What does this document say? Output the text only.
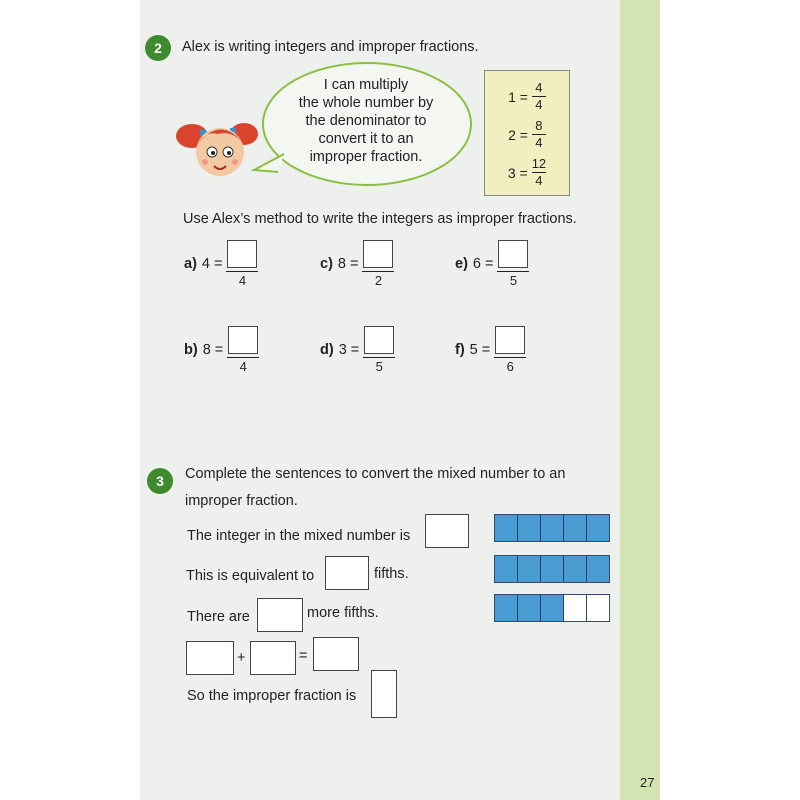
2	Alex is writing integers and improper fractions.
I can multiply
the whole number by
the denominator to
convert it to an
improper fraction.
$1 = \frac{4}{4}$
$2 = \frac{8}{4}$
$3 = \frac{12}{4}$
Use Alex’s method to write the integers as improper fractions.
a) 4 =
4
c) 8 =
2
e) 6 =
5
b) 8 =
4
d) 3 =
5
f) 5 =
6
3	Complete the sentences to convert the mixed number to an
improper fraction.
The integer in the mixed number is
This is equivalent to	fifths.
There are	more fifths.
+	=
So the improper fraction is
27
